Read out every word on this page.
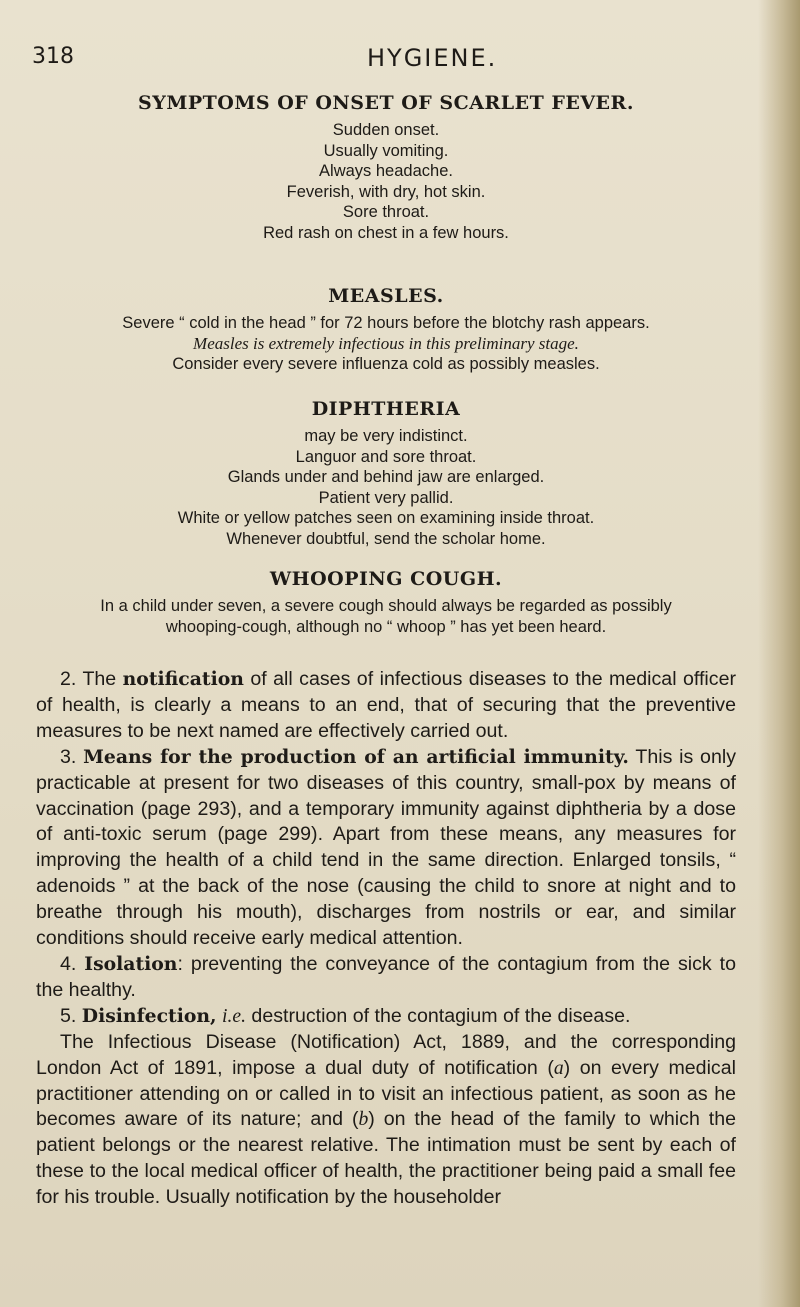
318	HYGIENE.
SYMPTOMS OF ONSET OF SCARLET FEVER.
Sudden onset.
Usually vomiting.
Always headache.
Feverish, with dry, hot skin.
Sore throat.
Red rash on chest in a few hours.
MEASLES.
Severe “ cold in the head ” for 72 hours before the blotchy rash appears.
Measles is extremely infectious in this preliminary stage.
Consider every severe influenza cold as possibly measles.
DIPHTHERIA
may be very indistinct.
Languor and sore throat.
Glands under and behind jaw are enlarged.
Patient very pallid.
White or yellow patches seen on examining inside throat.
Whenever doubtful, send the scholar home.
WHOOPING COUGH.
In a child under seven, a severe cough should always be regarded as possibly
whooping-cough, although no “ whoop ” has yet been heard.

2. The notification of all cases of infectious diseases to the medical officer of health, is clearly a means to an end, that of securing that the preventive measures to be next named are effectively carried out.

3. Means for the production of an artificial immunity. This is only practicable at present for two diseases of this country, small-pox by means of vaccination (page 293), and a temporary immunity against diphtheria by a dose of anti-toxic serum (page 299). Apart from these means, any measures for improving the health of a child tend in the same direction. Enlarged tonsils, “ adenoids ” at the back of the nose (causing the child to snore at night and to breathe through his mouth), discharges from nostrils or ear, and similar conditions should receive early medical attention.

4. Isolation: preventing the conveyance of the contagium from the sick to the healthy.

5. Disinfection, i.e. destruction of the contagium of the disease.

The Infectious Disease (Notification) Act, 1889, and the corresponding London Act of 1891, impose a dual duty of notification (a) on every medical practitioner attending on or called in to visit an infectious patient, as soon as he becomes aware of its nature; and (b) on the head of the family to which the patient belongs or the nearest relative. The intimation must be sent by each of these to the local medical officer of health, the practitioner being paid a small fee for his trouble. Usually notification by the householder
